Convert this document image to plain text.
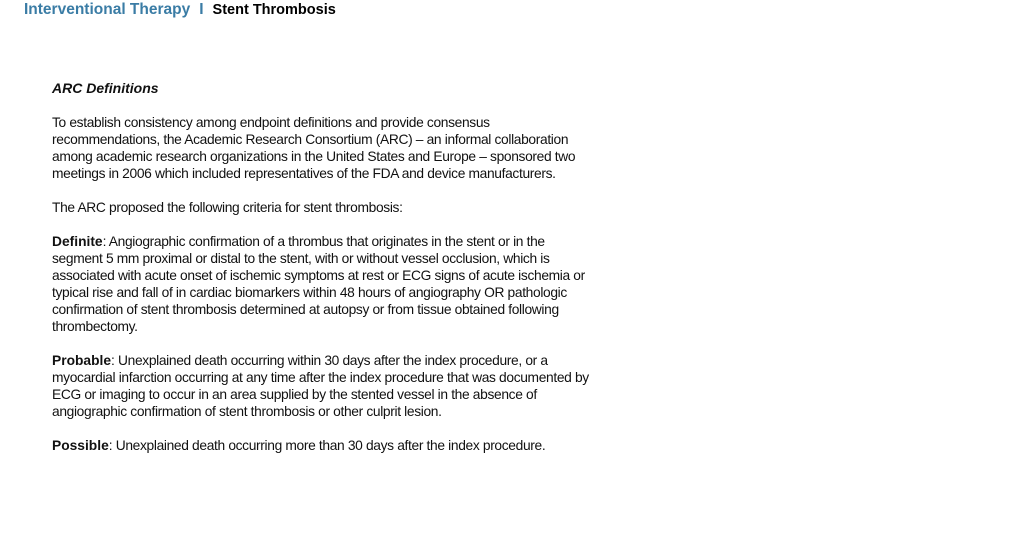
Interventional Therapy I Stent Thrombosis
ARC Definitions

To establish consistency among endpoint definitions and provide consensus recommendations, the Academic Research Consortium (ARC) – an informal collaboration among academic research organizations in the United States and Europe – sponsored two meetings in 2006 which included representatives of the FDA and device manufacturers.

The ARC proposed the following criteria for stent thrombosis:

Definite: Angiographic confirmation of a thrombus that originates in the stent or in the segment 5 mm proximal or distal to the stent, with or without vessel occlusion, which is associated with acute onset of ischemic symptoms at rest or ECG signs of acute ischemia or typical rise and fall of in cardiac biomarkers within 48 hours of angiography OR pathologic confirmation of stent thrombosis determined at autopsy or from tissue obtained following thrombectomy.

Probable: Unexplained death occurring within 30 days after the index procedure, or a myocardial infarction occurring at any time after the index procedure that was documented by ECG or imaging to occur in an area supplied by the stented vessel in the absence of angiographic confirmation of stent thrombosis or other culprit lesion.

Possible: Unexplained death occurring more than 30 days after the index procedure.
